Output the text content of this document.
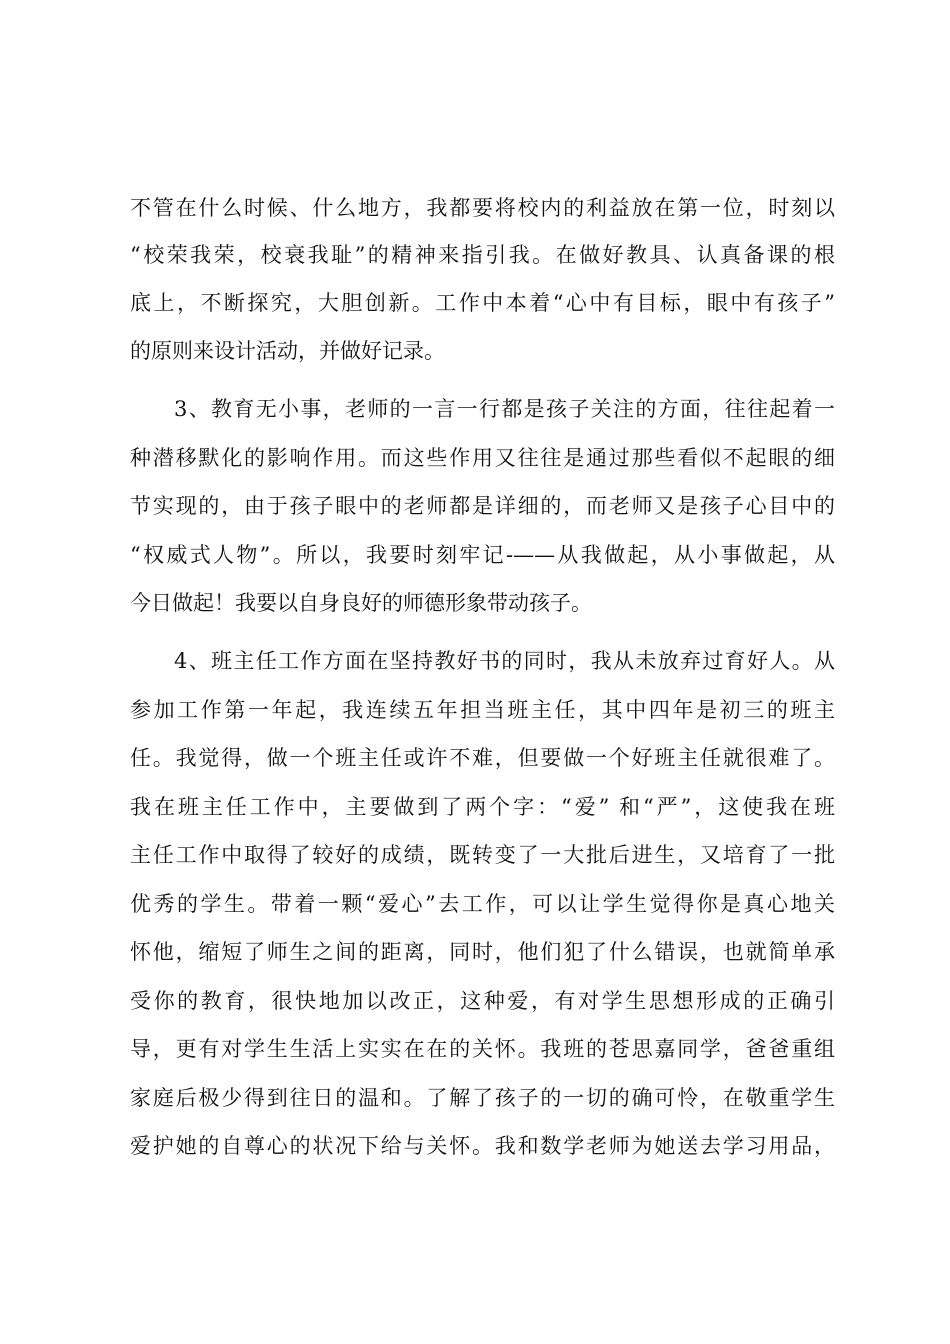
不管在什么时候、什么地方，我都要将校内的利益放在第一位，时刻以
“校荣我荣，校衰我耻”的精神来指引我。在做好教具、认真备课的根
底上，不断探究，大胆创新。工作中本着“心中有目标，眼中有孩子”
的原则来设计活动，并做好记录。
3、教育无小事，老师的一言一行都是孩子关注的方面，往往起着一
种潜移默化的影响作用。而这些作用又往往是通过那些看似不起眼的细
节实现的，由于孩子眼中的老师都是详细的，而老师又是孩子心目中的
“权威式人物”。所以，我要时刻牢记-——从我做起，从小事做起，从
今日做起！我要以自身良好的师德形象带动孩子。
4、班主任工作方面在坚持教好书的同时，我从未放弃过育好人。从
参加工作第一年起，我连续五年担当班主任，其中四年是初三的班主
任。我觉得，做一个班主任或许不难，但要做一个好班主任就很难了。
我在班主任工作中，主要做到了两个字：“爱” 和“严”，这使我在班
主任工作中取得了较好的成绩，既转变了一大批后进生，又培育了一批
优秀的学生。带着一颗“爱心”去工作，可以让学生觉得你是真心地关
怀他，缩短了师生之间的距离，同时，他们犯了什么错误，也就简单承
受你的教育，很快地加以改正，这种爱，有对学生思想形成的正确引
导，更有对学生生活上实实在在的关怀。我班的苍思嘉同学，爸爸重组
家庭后极少得到往日的温和。了解了孩子的一切的确可怜，在敬重学生
爱护她的自尊心的状况下给与关怀。我和数学老师为她送去学习用品，
